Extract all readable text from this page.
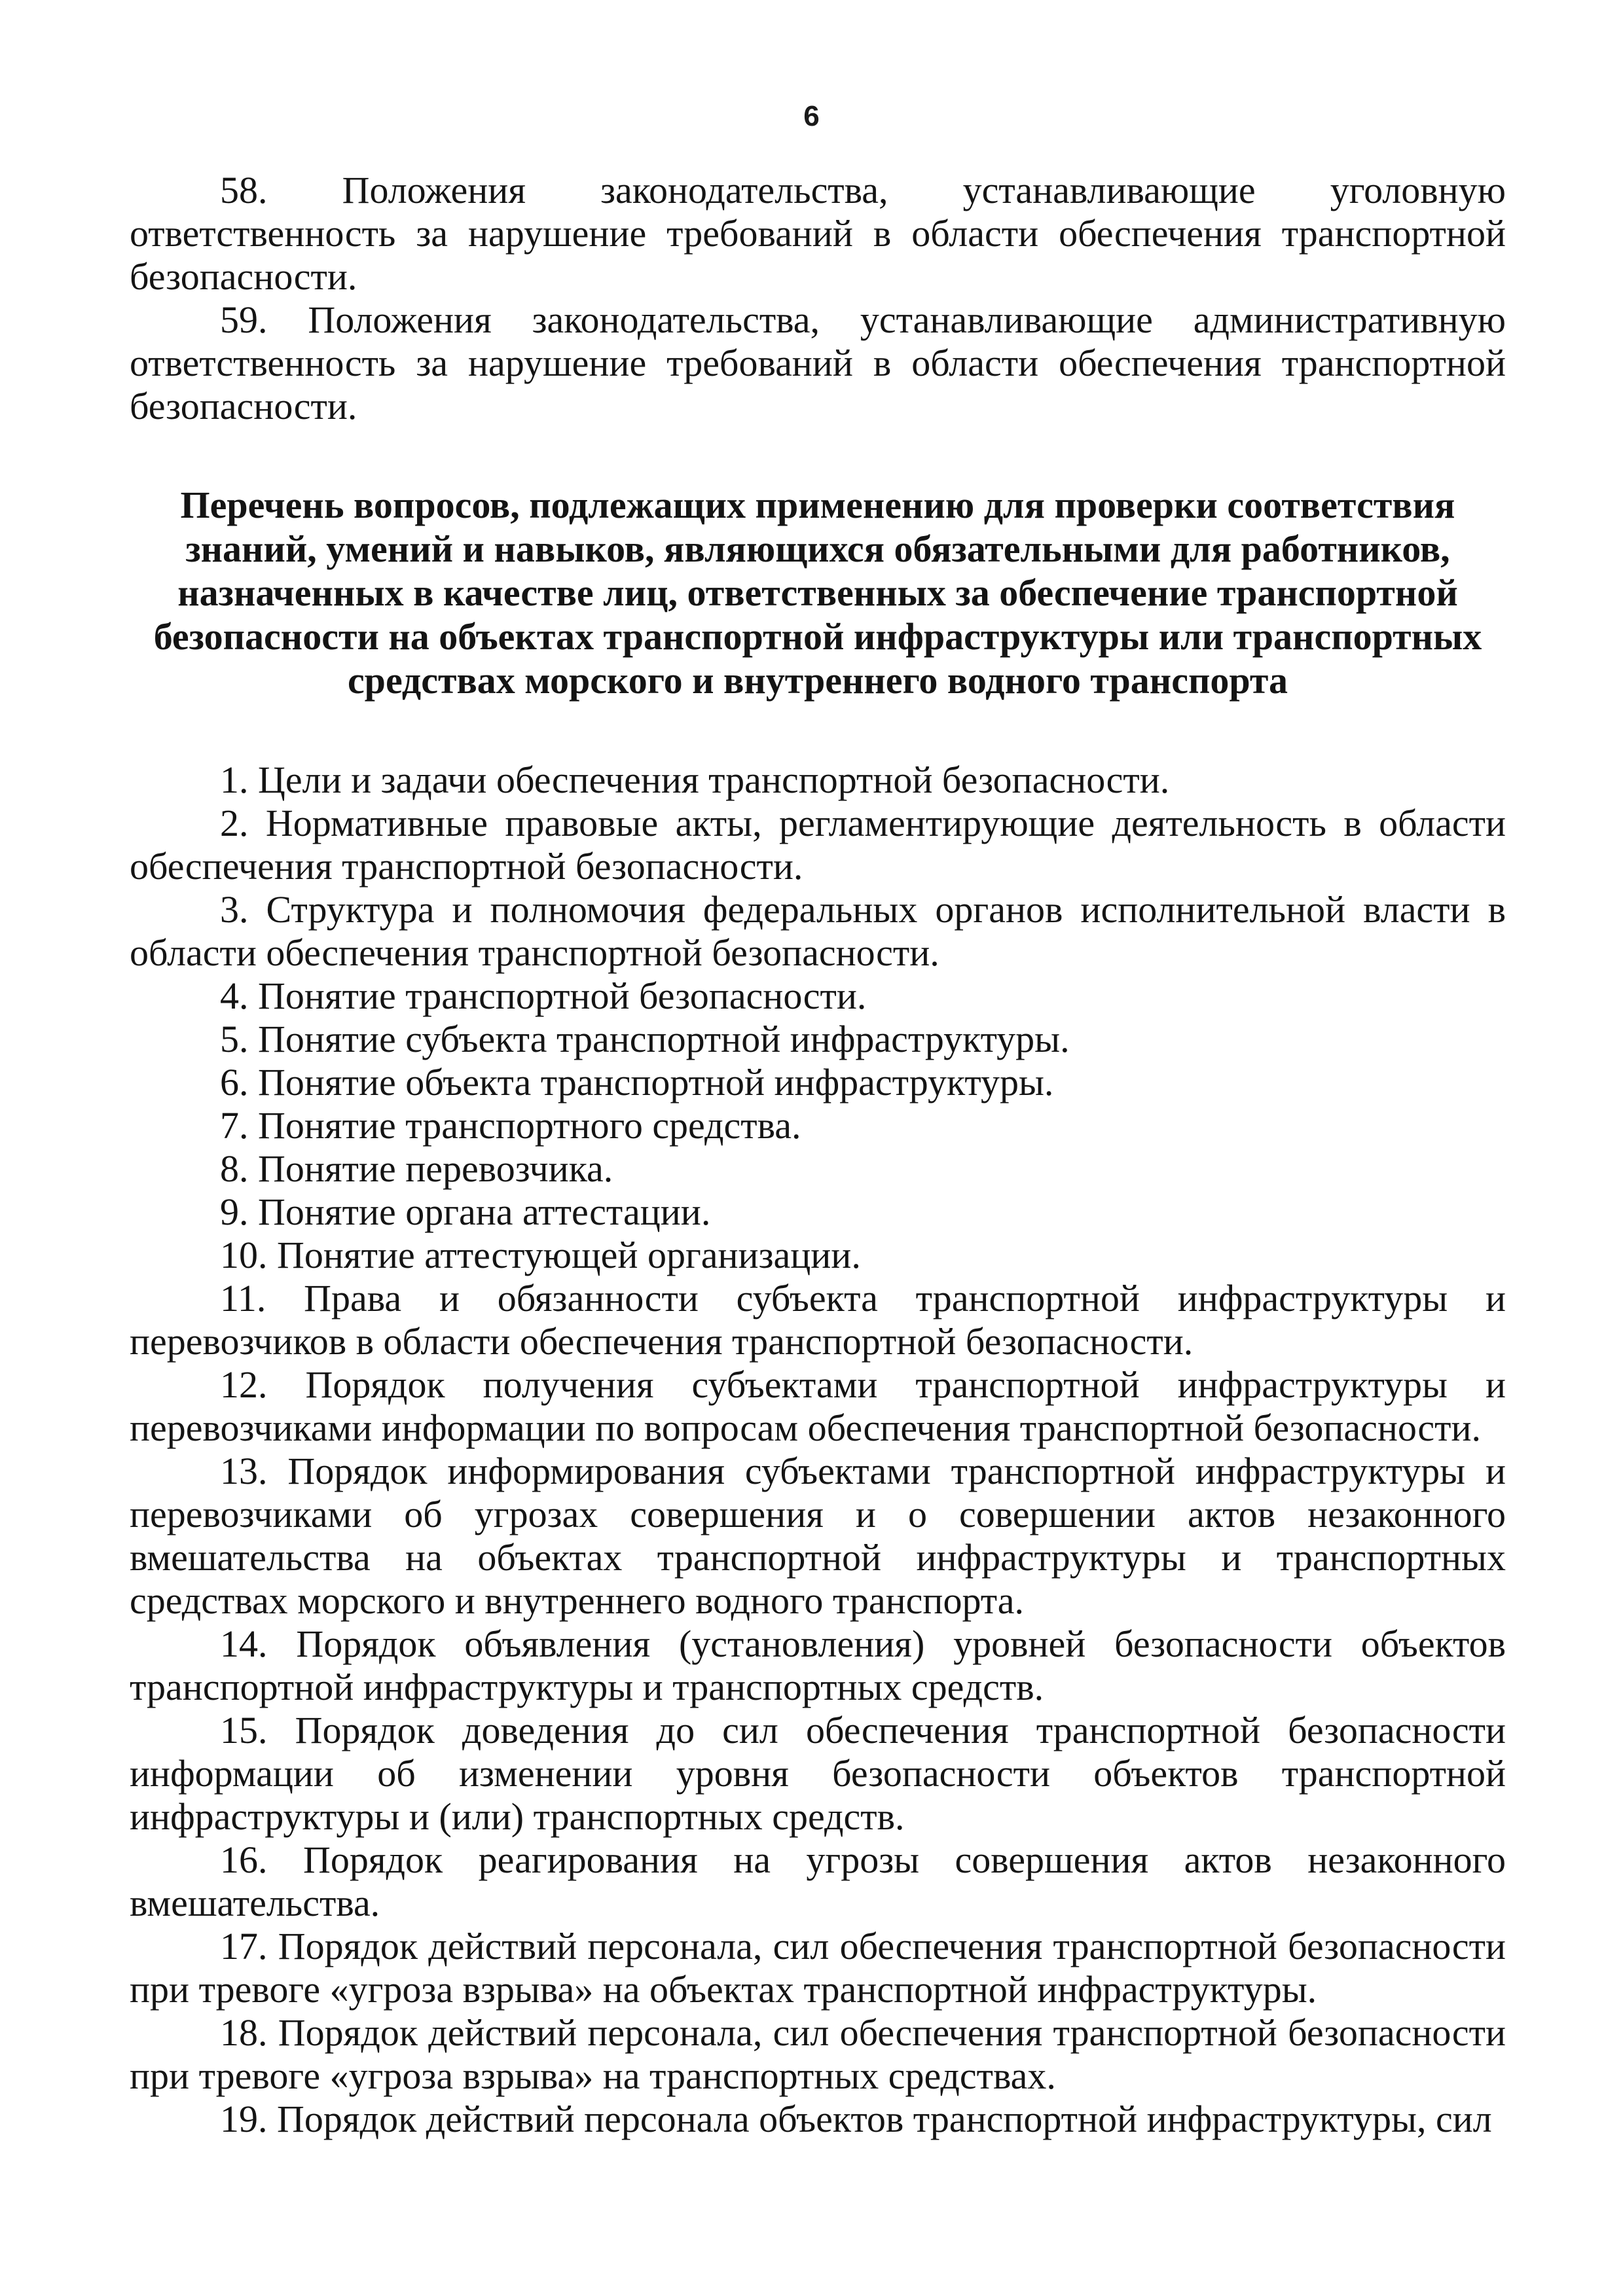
6

58. Положения законодательства, устанавливающие уголовную ответственность за нарушение требований в области обеспечения транспортной безопасности.

59. Положения законодательства, устанавливающие административную ответственность за нарушение требований в области обеспечения транспортной безопасности.

Перечень вопросов, подлежащих применению для проверки соответствия знаний, умений и навыков, являющихся обязательными для работников, назначенных в качестве лиц, ответственных за обеспечение транспортной безопасности на объектах транспортной инфраструктуры или транспортных средствах морского и внутреннего водного транспорта

1. Цели и задачи обеспечения транспортной безопасности.

2. Нормативные правовые акты, регламентирующие деятельность в области обеспечения транспортной безопасности.

3. Структура и полномочия федеральных органов исполнительной власти в области обеспечения транспортной безопасности.

4. Понятие транспортной безопасности.

5. Понятие субъекта транспортной инфраструктуры.

6. Понятие объекта транспортной инфраструктуры.

7. Понятие транспортного средства.

8. Понятие перевозчика.

9. Понятие органа аттестации.

10. Понятие аттестующей организации.

11. Права и обязанности субъекта транспортной инфраструктуры и перевозчиков в области обеспечения транспортной безопасности.

12. Порядок получения субъектами транспортной инфраструктуры и перевозчиками информации по вопросам обеспечения транспортной безопасности.

13. Порядок информирования субъектами транспортной инфраструктуры и перевозчиками об угрозах совершения и о совершении актов незаконного вмешательства на объектах транспортной инфраструктуры и транспортных средствах морского и внутреннего водного транспорта.

14. Порядок объявления (установления) уровней безопасности объектов транспортной инфраструктуры и транспортных средств.

15. Порядок доведения до сил обеспечения транспортной безопасности информации об изменении уровня безопасности объектов транспортной инфраструктуры и (или) транспортных средств.

16. Порядок реагирования на угрозы совершения актов незаконного вмешательства.

17. Порядок действий персонала, сил обеспечения транспортной безопасности при тревоге «угроза взрыва» на объектах транспортной инфраструктуры.

18. Порядок действий персонала, сил обеспечения транспортной безопасности при тревоге «угроза взрыва» на транспортных средствах.

19. Порядок действий персонала объектов транспортной инфраструктуры, сил
